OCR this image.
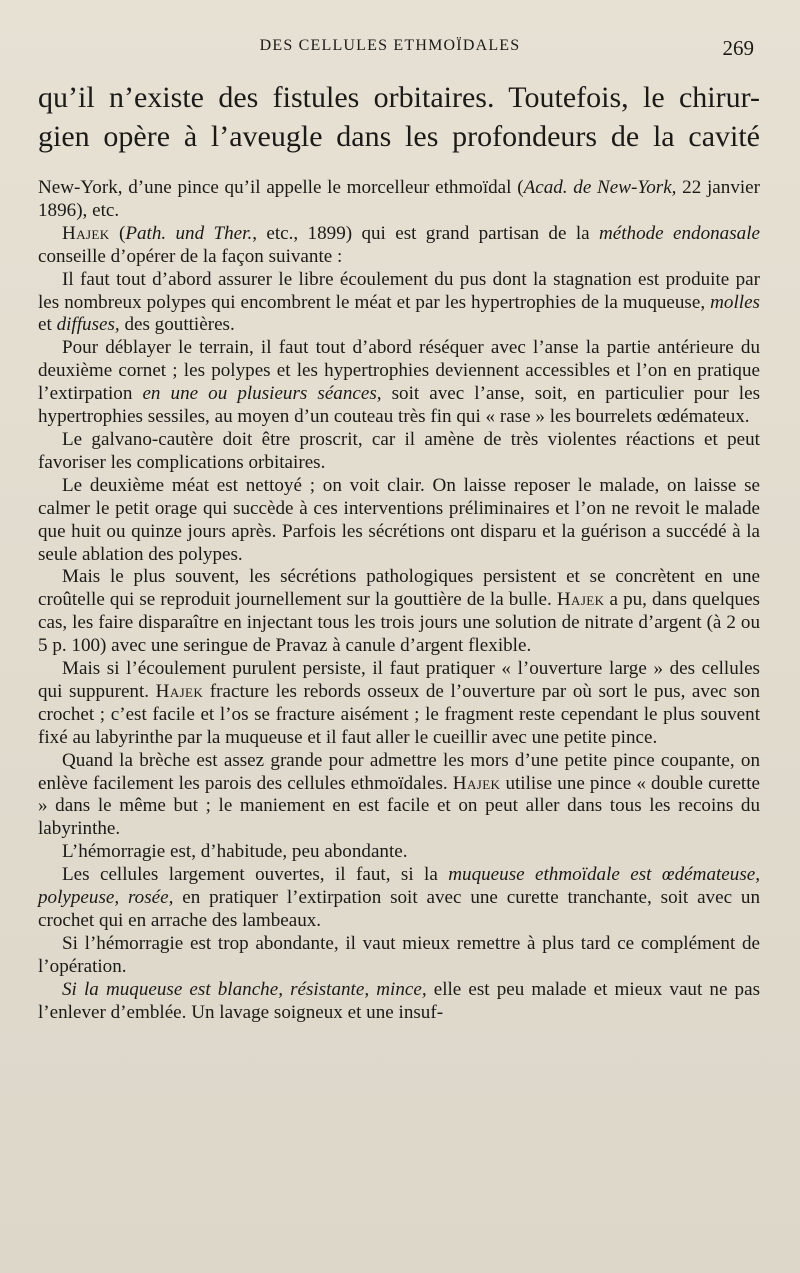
DES CELLULES ETHMOÏDALES	269
qu’il n’existe des fistules orbitaires. Toutefois, le chirur-
gien opère à l’aveugle dans les profondeurs de la cavité

New-York, d’une pince qu’il appelle le morcelleur ethmoïdal (Acad. de New-York, 22 janvier 1896), etc.

Hajek (Path. und Ther., etc., 1899) qui est grand partisan de la méthode endonasale conseille d’opérer de la façon suivante :

Il faut tout d’abord assurer le libre écoulement du pus dont la stagnation est produite par les nombreux polypes qui encombrent le méat et par les hypertrophies de la muqueuse, molles et diffuses, des gouttières.

Pour déblayer le terrain, il faut tout d’abord réséquer avec l’anse la partie antérieure du deuxième cornet ; les polypes et les hypertrophies deviennent accessibles et l’on en pratique l’extirpation en une ou plusieurs séances, soit avec l’anse, soit, en particulier pour les hypertrophies sessiles, au moyen d’un couteau très fin qui « rase » les bourrelets œdémateux.

Le galvano-cautère doit être proscrit, car il amène de très violentes réactions et peut favoriser les complications orbitaires.

Le deuxième méat est nettoyé ; on voit clair. On laisse reposer le malade, on laisse se calmer le petit orage qui succède à ces interventions préliminaires et l’on ne revoit le malade que huit ou quinze jours après. Parfois les sécrétions ont disparu et la guérison a succédé à la seule ablation des polypes.

Mais le plus souvent, les sécrétions pathologiques persistent et se concrètent en une croûtelle qui se reproduit journellement sur la gouttière de la bulle. Hajek a pu, dans quelques cas, les faire disparaître en injectant tous les trois jours une solution de nitrate d’argent (à 2 ou 5 p. 100) avec une seringue de Pravaz à canule d’argent flexible.

Mais si l’écoulement purulent persiste, il faut pratiquer « l’ouverture large » des cellules qui suppurent. Hajek fracture les rebords osseux de l’ouverture par où sort le pus, avec son crochet ; c’est facile et l’os se fracture aisément ; le fragment reste cependant le plus souvent fixé au labyrinthe par la muqueuse et il faut aller le cueillir avec une petite pince.

Quand la brèche est assez grande pour admettre les mors d’une petite pince coupante, on enlève facilement les parois des cellules ethmoïdales. Hajek utilise une pince « double curette » dans le même but ; le maniement en est facile et on peut aller dans tous les recoins du labyrinthe.

L’hémorragie est, d’habitude, peu abondante.

Les cellules largement ouvertes, il faut, si la muqueuse ethmoïdale est œdémateuse, polypeuse, rosée, en pratiquer l’extirpation soit avec une curette tranchante, soit avec un crochet qui en arrache des lambeaux.

Si l’hémorragie est trop abondante, il vaut mieux remettre à plus tard ce complément de l’opération.

Si la muqueuse est blanche, résistante, mince, elle est peu malade et mieux vaut ne pas l’enlever d’emblée. Un lavage soigneux et une insuf-
